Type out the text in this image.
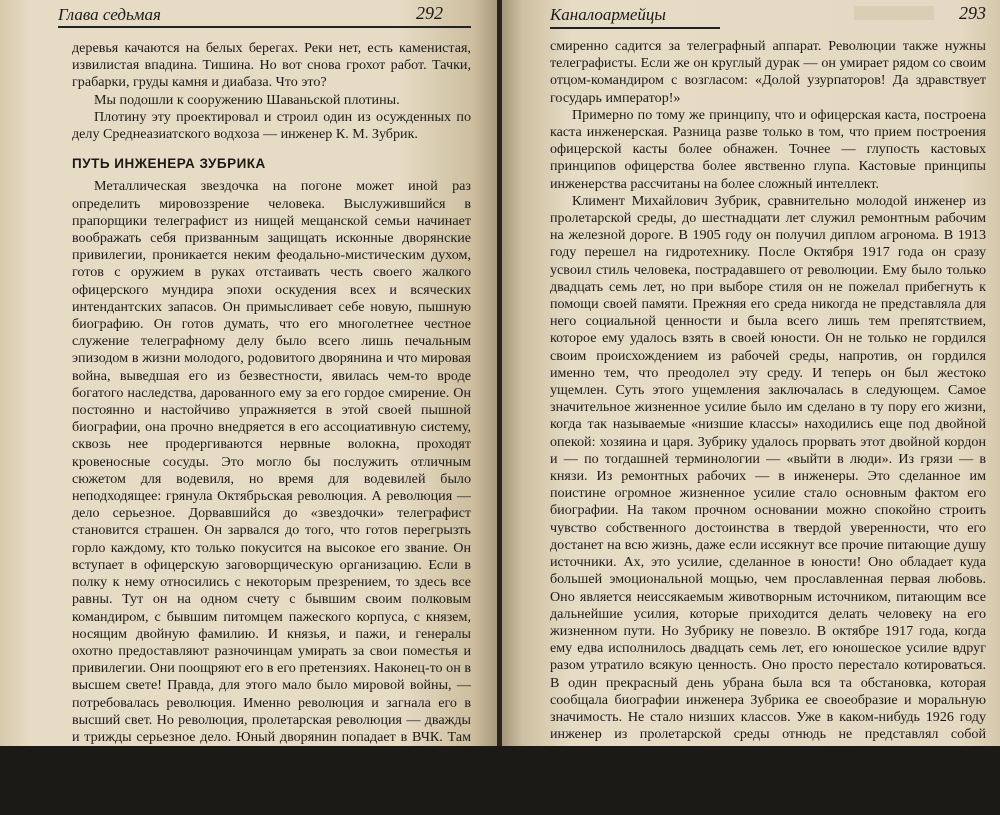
Глава седьмая	292

деревья качаются на белых берегах. Реки нет, есть каменистая, извилистая впадина. Тишина. Но вот снова грохот работ. Тачки, грабарки, груды камня и диабаза. Что это?

Мы подошли к сооружению Шаваньской плотины.

Плотину эту проектировал и строил один из осужденных по делу Среднеазиатского водхоза — инженер К. М. Зубрик.

ПУТЬ ИНЖЕНЕРА ЗУБРИКА

Металлическая звездочка на погоне может иной раз определить мировоззрение человека. Выслужившийся в прапорщики телеграфист из нищей мещанской семьи начинает воображать себя призванным защищать исконные дворянские привилегии, проникается неким феодально-мистическим духом, готов с оружием в руках отстаивать честь своего жалкого офицерского мундира эпохи оскудения всех и всяческих интендантских запасов. Он примысливает себе новую, пышную биографию. Он готов думать, что его многолетнее честное служение телеграфному делу было всего лишь печальным эпизодом в жизни молодого, родовитого дворянина и что мировая война, выведшая его из безвестности, явилась чем-то вроде богатого наследства, дарованного ему за его гордое смирение. Он постоянно и настойчиво упражняется в этой своей пышной биографии, она прочно внедряется в его ассоциативную систему, сквозь нее продергиваются нервные волокна, проходят кровеносные сосуды. Это могло бы послужить отличным сюжетом для водевиля, но время для водевилей было неподходящее: грянула Октябрьская революция. А революция — дело серьезное. Дорвавшийся до «звездочки» телеграфист становится страшен. Он зарвался до того, что готов перегрызть горло каждому, кто только покусится на высокое его звание. Он вступает в офицерскую заговорщическую организацию. Если в полку к нему относились с некоторым презрением, то здесь все равны. Тут он на одном счету с бывшим своим полковым командиром, с бывшим питомцем пажеского корпуса, с князем, носящим двойную фамилию. И князья, и пажи, и генералы охотно предоставляют разночинцам умирать за свои поместья и привилегии. Они поощряют его в его претензиях. Наконец-то он в высшем свете! Правда, для этого мало было мировой войны, — потребовалась революция. Именно революция и загнала его в высший свет. Но революция, пролетарская революция — дважды и трижды серьезное дело. Юный дворянин попадает в ВЧК. Там быстро и отчетливо разобрались в роскошной его биографии. Ему дают возможность исправить свои заблуждения под условием немедленного и решительного отказа от всяческого феодализма. Если он не круглый дурак — он благодарит за полученный урок и

Каналоармейцы	293

смиренно садится за телеграфный аппарат. Революции также нужны телеграфисты. Если же он круглый дурак — он умирает рядом со своим отцом-командиром с возгласом: «Долой узурпаторов! Да здравствует государь император!»

Примерно по тому же принципу, что и офицерская каста, построена каста инженерская. Разница разве только в том, что прием построения офицерской касты более обнажен. Точнее — глупость кастовых принципов офицерства более явственно глупа. Кастовые принципы инженерства рассчитаны на более сложный интеллект.

Климент Михайлович Зубрик, сравнительно молодой инженер из пролетарской среды, до шестнадцати лет служил ремонтным рабочим на железной дороге. В 1905 году он получил диплом агронома. В 1913 году перешел на гидротехнику. После Октября 1917 года он сразу усвоил стиль человека, пострадавшего от революции. Ему было только двадцать семь лет, но при выборе стиля он не пожелал прибегнуть к помощи своей памяти. Прежняя его среда никогда не представляла для него социальной ценности и была всего лишь тем препятствием, которое ему удалось взять в своей юности. Он не только не гордился своим происхождением из рабочей среды, напротив, он гордился именно тем, что преодолел эту среду. И теперь он был жестоко ущемлен. Суть этого ущемления заключалась в следующем. Самое значительное жизненное усилие было им сделано в ту пору его жизни, когда так называемые «низшие классы» находились еще под двойной опекой: хозяина и царя. Зубрику удалось прорвать этот двойной кордон и — по тогдашней терминологии — «выйти в люди». Из грязи — в князи. Из ремонтных рабочих — в инженеры. Это сделанное им поистине огромное жизненное усилие стало основным фактом его биографии. На таком прочном основании можно спокойно строить чувство собственного достоинства в твердой уверенности, что его достанет на всю жизнь, даже если иссякнут все прочие питающие душу источники. Ах, это усилие, сделанное в юности! Оно обладает куда большей эмоциональной мощью, чем прославленная первая любовь. Оно является неиссякаемым животворным источником, питающим все дальнейшие усилия, которые приходится делать человеку на его жизненном пути. Но Зубрику не повезло. В октябре 1917 года, когда ему едва исполнилось двадцать семь лет, его юношеское усилие вдруг разом утратило всякую ценность. Оно просто перестало котироваться. В один прекрасный день убрана была вся та обстановка, которая сообщала биографии инженера Зубрика ее своеобразие и моральную значимость. Не стало низших классов. Уже в каком-нибудь 1926 году инженер из пролетарской среды отнюдь не представлял собой редкостного явления. Если до
